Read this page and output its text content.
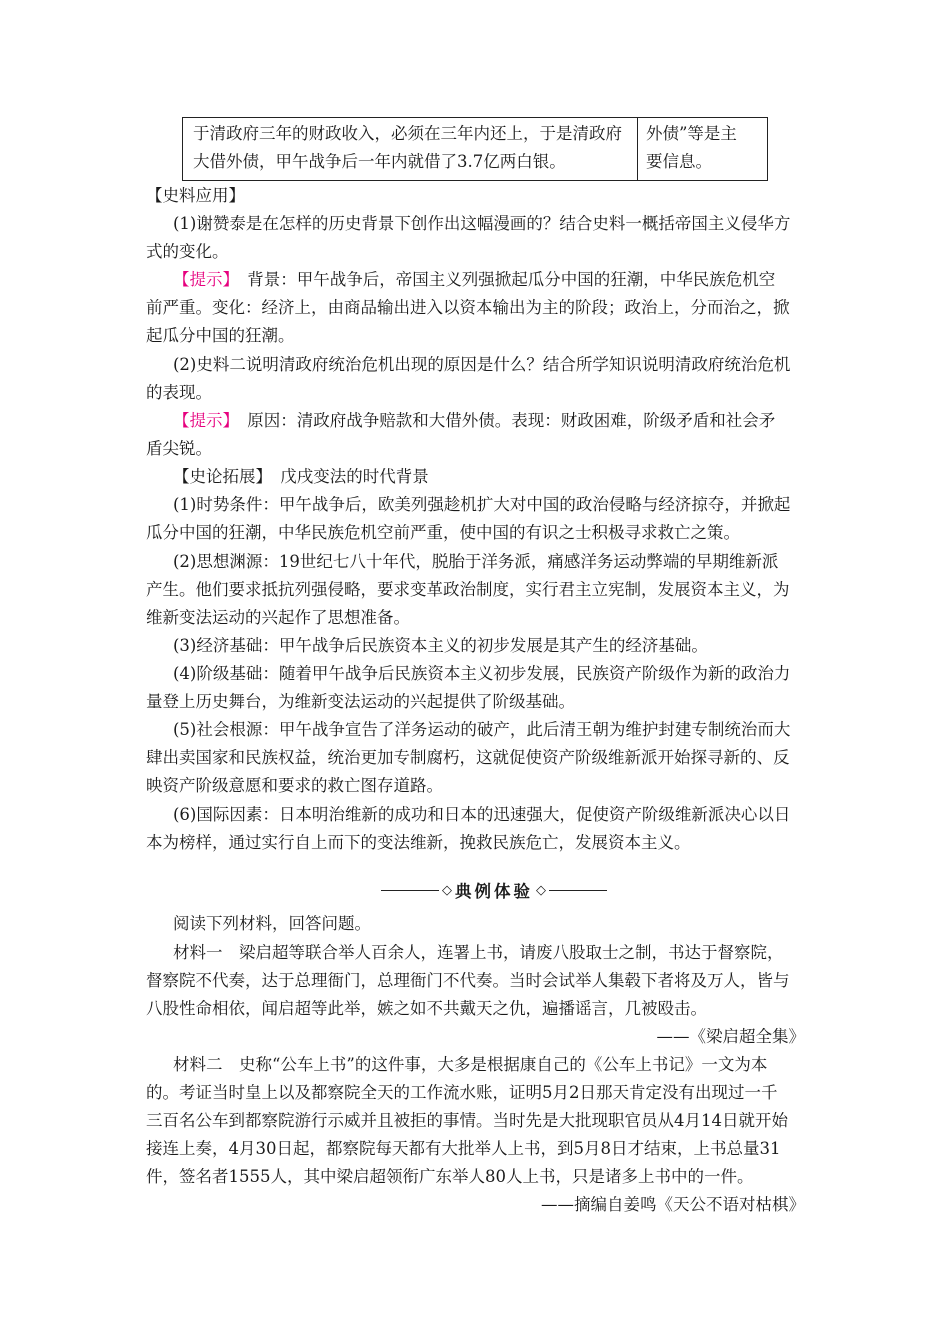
于清政府三年的财政收入，必须在三年内还上，于是清政府
大借外债，甲午战争后一年内就借了3.7亿两白银。
外债”等是主
要信息。
【史料应用】
(1)谢赞泰是在怎样的历史背景下创作出这幅漫画的？结合史料一概括帝国主义侵华方
式的变化。
【提示】　 背景：甲午战争后，帝国主义列强掀起瓜分中国的狂潮，中华民族危机空
前严重。变化：经济上，由商品输出进入以资本输出为主的阶段；政治上，分而治之，掀
起瓜分中国的狂潮。
(2)史料二说明清政府统治危机出现的原因是什么？结合所学知识说明清政府统治危机
的表现。
【提示】　 原因：清政府战争赔款和大借外债。表现：财政困难，阶级矛盾和社会矛
盾尖锐。
【史论拓展】　 戊戌变法的时代背景
(1)时势条件：甲午战争后，欧美列强趁机扩大对中国的政治侵略与经济掠夺，并掀起
瓜分中国的狂潮，中华民族危机空前严重，使中国的有识之士积极寻求救亡之策。
(2)思想渊源：19世纪七八十年代，脱胎于洋务派，痛感洋务运动弊端的早期维新派
产生。他们要求抵抗列强侵略，要求变革政治制度，实行君主立宪制，发展资本主义，为
维新变法运动的兴起作了思想准备。
(3)经济基础：甲午战争后民族资本主义的初步发展是其产生的经济基础。
(4)阶级基础：随着甲午战争后民族资本主义初步发展，民族资产阶级作为新的政治力
量登上历史舞台，为维新变法运动的兴起提供了阶级基础。
(5)社会根源：甲午战争宣告了洋务运动的破产，此后清王朝为维护封建专制统治而大
肆出卖国家和民族权益，统治更加专制腐朽，这就促使资产阶级维新派开始探寻新的、反
映资产阶级意愿和要求的救亡图存道路。
(6)国际因素：日本明治维新的成功和日本的迅速强大，促使资产阶级维新派决心以日
本为榜样，通过实行自上而下的变法维新，挽救民族危亡，发展资本主义。
◇ 典例体验 ◇
阅读下列材料，回答问题。
材料一　梁启超等联合举人百余人，连署上书，请废八股取士之制，书达于督察院，
督察院不代奏，达于总理衙门，总理衙门不代奏。当时会试举人集毂下者将及万人，皆与
八股性命相依，闻启超等此举，嫉之如不共戴天之仇，遍播谣言，几被殴击。
——《梁启超全集》
材料二　史称“公车上书”的这件事，大多是根据康自己的《公车上书记》一文为本
的。考证当时皇上以及都察院全天的工作流水账，证明5月2日那天肯定没有出现过一千
三百名公车到都察院游行示威并且被拒的事情。当时先是大批现职官员从4月14日就开始
接连上奏，4月30日起，都察院每天都有大批举人上书，到5月8日才结束，上书总量31
件，签名者1555人，其中梁启超领衔广东举人80人上书，只是诸多上书中的一件。
——摘编自姜鸣《天公不语对枯棋》
